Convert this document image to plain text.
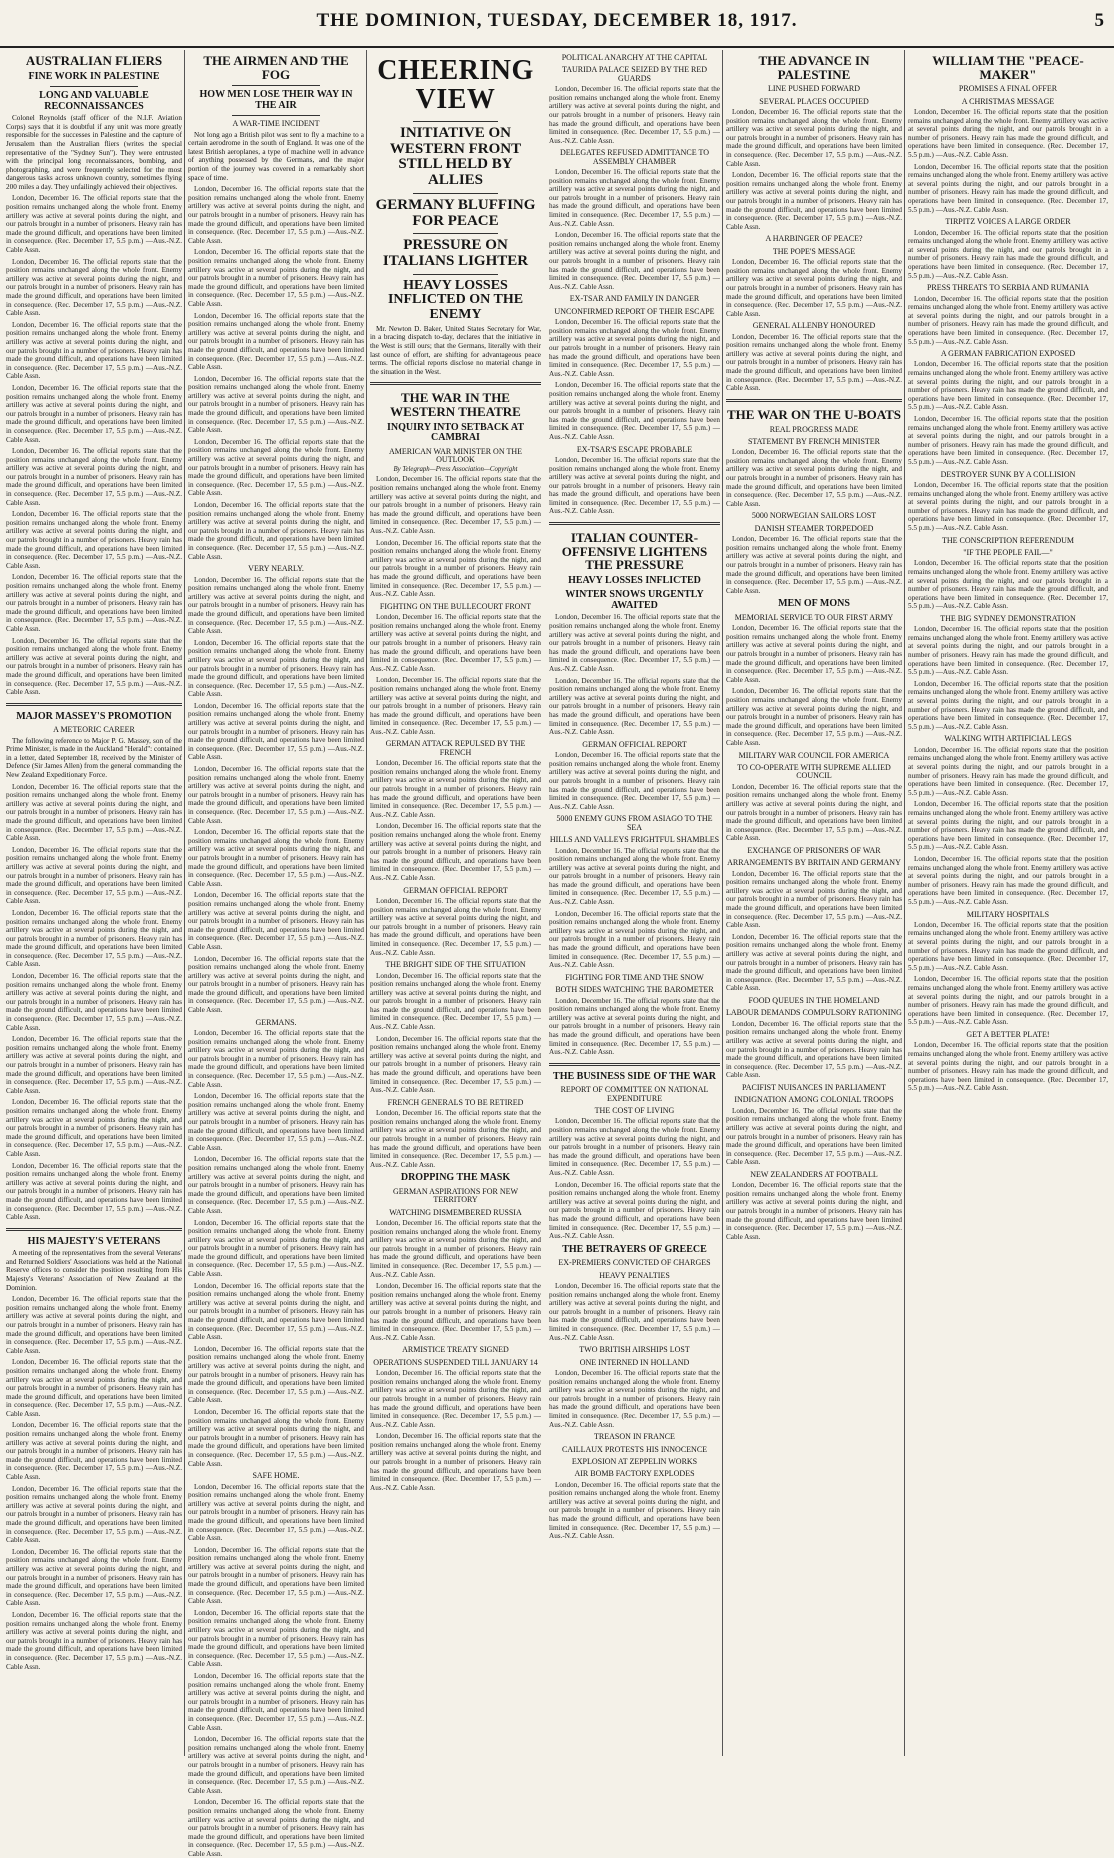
THE DOMINION, TUESDAY, DECEMBER 18, 1917.	5
AUSTRALIAN FLIERS
FINE WORK IN PALESTINE
LONG AND VALUABLE RECONNAISSANCES

Colonel Reynolds (staff officer of the N.I.F. Aviation Corps) says that it is doubtful if any unit was more greatly responsible for the successes in Palestine and the capture of Jerusalem than the Australian fliers (writes the special representative of the "Sydney Sun"). They were entrusted with the principal long reconnaissances, bombing, and photographing, and were frequently selected for the most dangerous tasks across unknown country, sometimes flying 200 miles a day. They unfailingly achieved their objectives.

London, December 16. The official reports state that the position remains unchanged along the whole front. Enemy artillery was active at several points during the night, and our patrols brought in a number of prisoners. Heavy rain has made the ground difficult, and operations have been limited in consequence. (Rec. December 17, 5.5 p.m.) —Aus.-N.Z. Cable Assn.

London, December 16. The official reports state that the position remains unchanged along the whole front. Enemy artillery was active at several points during the night, and our patrols brought in a number of prisoners. Heavy rain has made the ground difficult, and operations have been limited in consequence. (Rec. December 17, 5.5 p.m.) —Aus.-N.Z. Cable Assn.

London, December 16. The official reports state that the position remains unchanged along the whole front. Enemy artillery was active at several points during the night, and our patrols brought in a number of prisoners. Heavy rain has made the ground difficult, and operations have been limited in consequence. (Rec. December 17, 5.5 p.m.) —Aus.-N.Z. Cable Assn.

London, December 16. The official reports state that the position remains unchanged along the whole front. Enemy artillery was active at several points during the night, and our patrols brought in a number of prisoners. Heavy rain has made the ground difficult, and operations have been limited in consequence. (Rec. December 17, 5.5 p.m.) —Aus.-N.Z. Cable Assn.

London, December 16. The official reports state that the position remains unchanged along the whole front. Enemy artillery was active at several points during the night, and our patrols brought in a number of prisoners. Heavy rain has made the ground difficult, and operations have been limited in consequence. (Rec. December 17, 5.5 p.m.) —Aus.-N.Z. Cable Assn.

London, December 16. The official reports state that the position remains unchanged along the whole front. Enemy artillery was active at several points during the night, and our patrols brought in a number of prisoners. Heavy rain has made the ground difficult, and operations have been limited in consequence. (Rec. December 17, 5.5 p.m.) —Aus.-N.Z. Cable Assn.

London, December 16. The official reports state that the position remains unchanged along the whole front. Enemy artillery was active at several points during the night, and our patrols brought in a number of prisoners. Heavy rain has made the ground difficult, and operations have been limited in consequence. (Rec. December 17, 5.5 p.m.) —Aus.-N.Z. Cable Assn.

London, December 16. The official reports state that the position remains unchanged along the whole front. Enemy artillery was active at several points during the night, and our patrols brought in a number of prisoners. Heavy rain has made the ground difficult, and operations have been limited in consequence. (Rec. December 17, 5.5 p.m.) —Aus.-N.Z. Cable Assn.

MAJOR MASSEY'S PROMOTION
A METEORIC CAREER

The following reference to Major P. G. Massey, son of the Prime Minister, is made in the Auckland "Herald": contained in a letter, dated September 18, received by the Minister of Defence (Sir James Allen) from the general commanding the New Zealand Expeditionary Force.

London, December 16. The official reports state that the position remains unchanged along the whole front. Enemy artillery was active at several points during the night, and our patrols brought in a number of prisoners. Heavy rain has made the ground difficult, and operations have been limited in consequence. (Rec. December 17, 5.5 p.m.) —Aus.-N.Z. Cable Assn.

London, December 16. The official reports state that the position remains unchanged along the whole front. Enemy artillery was active at several points during the night, and our patrols brought in a number of prisoners. Heavy rain has made the ground difficult, and operations have been limited in consequence. (Rec. December 17, 5.5 p.m.) —Aus.-N.Z. Cable Assn.

London, December 16. The official reports state that the position remains unchanged along the whole front. Enemy artillery was active at several points during the night, and our patrols brought in a number of prisoners. Heavy rain has made the ground difficult, and operations have been limited in consequence. (Rec. December 17, 5.5 p.m.) —Aus.-N.Z. Cable Assn.

London, December 16. The official reports state that the position remains unchanged along the whole front. Enemy artillery was active at several points during the night, and our patrols brought in a number of prisoners. Heavy rain has made the ground difficult, and operations have been limited in consequence. (Rec. December 17, 5.5 p.m.) —Aus.-N.Z. Cable Assn.

London, December 16. The official reports state that the position remains unchanged along the whole front. Enemy artillery was active at several points during the night, and our patrols brought in a number of prisoners. Heavy rain has made the ground difficult, and operations have been limited in consequence. (Rec. December 17, 5.5 p.m.) —Aus.-N.Z. Cable Assn.

London, December 16. The official reports state that the position remains unchanged along the whole front. Enemy artillery was active at several points during the night, and our patrols brought in a number of prisoners. Heavy rain has made the ground difficult, and operations have been limited in consequence. (Rec. December 17, 5.5 p.m.) —Aus.-N.Z. Cable Assn.

London, December 16. The official reports state that the position remains unchanged along the whole front. Enemy artillery was active at several points during the night, and our patrols brought in a number of prisoners. Heavy rain has made the ground difficult, and operations have been limited in consequence. (Rec. December 17, 5.5 p.m.) —Aus.-N.Z. Cable Assn.

HIS MAJESTY'S VETERANS

A meeting of the representatives from the several Veterans' and Returned Soldiers' Associations was held at the National Reserve offices to consider the position resulting from His Majesty's Veterans' Association of New Zealand at the Dominion.

London, December 16. The official reports state that the position remains unchanged along the whole front. Enemy artillery was active at several points during the night, and our patrols brought in a number of prisoners. Heavy rain has made the ground difficult, and operations have been limited in consequence. (Rec. December 17, 5.5 p.m.) —Aus.-N.Z. Cable Assn.

London, December 16. The official reports state that the position remains unchanged along the whole front. Enemy artillery was active at several points during the night, and our patrols brought in a number of prisoners. Heavy rain has made the ground difficult, and operations have been limited in consequence. (Rec. December 17, 5.5 p.m.) —Aus.-N.Z. Cable Assn.

London, December 16. The official reports state that the position remains unchanged along the whole front. Enemy artillery was active at several points during the night, and our patrols brought in a number of prisoners. Heavy rain has made the ground difficult, and operations have been limited in consequence. (Rec. December 17, 5.5 p.m.) —Aus.-N.Z. Cable Assn.

London, December 16. The official reports state that the position remains unchanged along the whole front. Enemy artillery was active at several points during the night, and our patrols brought in a number of prisoners. Heavy rain has made the ground difficult, and operations have been limited in consequence. (Rec. December 17, 5.5 p.m.) —Aus.-N.Z. Cable Assn.

London, December 16. The official reports state that the position remains unchanged along the whole front. Enemy artillery was active at several points during the night, and our patrols brought in a number of prisoners. Heavy rain has made the ground difficult, and operations have been limited in consequence. (Rec. December 17, 5.5 p.m.) —Aus.-N.Z. Cable Assn.

London, December 16. The official reports state that the position remains unchanged along the whole front. Enemy artillery was active at several points during the night, and our patrols brought in a number of prisoners. Heavy rain has made the ground difficult, and operations have been limited in consequence. (Rec. December 17, 5.5 p.m.) —Aus.-N.Z. Cable Assn.

THE AIRMEN AND THE FOG
HOW MEN LOSE THEIR WAY IN THE AIR
A WAR-TIME INCIDENT

Not long ago a British pilot was sent to fly a machine to a certain aerodrome in the south of England. It was one of the latest British aeroplanes, a type of machine well in advance of anything possessed by the Germans, and the major portion of the journey was covered in a remarkably short space of time.

London, December 16. The official reports state that the position remains unchanged along the whole front. Enemy artillery was active at several points during the night, and our patrols brought in a number of prisoners. Heavy rain has made the ground difficult, and operations have been limited in consequence. (Rec. December 17, 5.5 p.m.) —Aus.-N.Z. Cable Assn.

London, December 16. The official reports state that the position remains unchanged along the whole front. Enemy artillery was active at several points during the night, and our patrols brought in a number of prisoners. Heavy rain has made the ground difficult, and operations have been limited in consequence. (Rec. December 17, 5.5 p.m.) —Aus.-N.Z. Cable Assn.

London, December 16. The official reports state that the position remains unchanged along the whole front. Enemy artillery was active at several points during the night, and our patrols brought in a number of prisoners. Heavy rain has made the ground difficult, and operations have been limited in consequence. (Rec. December 17, 5.5 p.m.) —Aus.-N.Z. Cable Assn.

London, December 16. The official reports state that the position remains unchanged along the whole front. Enemy artillery was active at several points during the night, and our patrols brought in a number of prisoners. Heavy rain has made the ground difficult, and operations have been limited in consequence. (Rec. December 17, 5.5 p.m.) —Aus.-N.Z. Cable Assn.

London, December 16. The official reports state that the position remains unchanged along the whole front. Enemy artillery was active at several points during the night, and our patrols brought in a number of prisoners. Heavy rain has made the ground difficult, and operations have been limited in consequence. (Rec. December 17, 5.5 p.m.) —Aus.-N.Z. Cable Assn.

London, December 16. The official reports state that the position remains unchanged along the whole front. Enemy artillery was active at several points during the night, and our patrols brought in a number of prisoners. Heavy rain has made the ground difficult, and operations have been limited in consequence. (Rec. December 17, 5.5 p.m.) —Aus.-N.Z. Cable Assn.

VERY NEARLY.

London, December 16. The official reports state that the position remains unchanged along the whole front. Enemy artillery was active at several points during the night, and our patrols brought in a number of prisoners. Heavy rain has made the ground difficult, and operations have been limited in consequence. (Rec. December 17, 5.5 p.m.) —Aus.-N.Z. Cable Assn.

London, December 16. The official reports state that the position remains unchanged along the whole front. Enemy artillery was active at several points during the night, and our patrols brought in a number of prisoners. Heavy rain has made the ground difficult, and operations have been limited in consequence. (Rec. December 17, 5.5 p.m.) —Aus.-N.Z. Cable Assn.

London, December 16. The official reports state that the position remains unchanged along the whole front. Enemy artillery was active at several points during the night, and our patrols brought in a number of prisoners. Heavy rain has made the ground difficult, and operations have been limited in consequence. (Rec. December 17, 5.5 p.m.) —Aus.-N.Z. Cable Assn.

London, December 16. The official reports state that the position remains unchanged along the whole front. Enemy artillery was active at several points during the night, and our patrols brought in a number of prisoners. Heavy rain has made the ground difficult, and operations have been limited in consequence. (Rec. December 17, 5.5 p.m.) —Aus.-N.Z. Cable Assn.

London, December 16. The official reports state that the position remains unchanged along the whole front. Enemy artillery was active at several points during the night, and our patrols brought in a number of prisoners. Heavy rain has made the ground difficult, and operations have been limited in consequence. (Rec. December 17, 5.5 p.m.) —Aus.-N.Z. Cable Assn.

London, December 16. The official reports state that the position remains unchanged along the whole front. Enemy artillery was active at several points during the night, and our patrols brought in a number of prisoners. Heavy rain has made the ground difficult, and operations have been limited in consequence. (Rec. December 17, 5.5 p.m.) —Aus.-N.Z. Cable Assn.

London, December 16. The official reports state that the position remains unchanged along the whole front. Enemy artillery was active at several points during the night, and our patrols brought in a number of prisoners. Heavy rain has made the ground difficult, and operations have been limited in consequence. (Rec. December 17, 5.5 p.m.) —Aus.-N.Z. Cable Assn.

GERMANS.

London, December 16. The official reports state that the position remains unchanged along the whole front. Enemy artillery was active at several points during the night, and our patrols brought in a number of prisoners. Heavy rain has made the ground difficult, and operations have been limited in consequence. (Rec. December 17, 5.5 p.m.) —Aus.-N.Z. Cable Assn.

London, December 16. The official reports state that the position remains unchanged along the whole front. Enemy artillery was active at several points during the night, and our patrols brought in a number of prisoners. Heavy rain has made the ground difficult, and operations have been limited in consequence. (Rec. December 17, 5.5 p.m.) —Aus.-N.Z. Cable Assn.

London, December 16. The official reports state that the position remains unchanged along the whole front. Enemy artillery was active at several points during the night, and our patrols brought in a number of prisoners. Heavy rain has made the ground difficult, and operations have been limited in consequence. (Rec. December 17, 5.5 p.m.) —Aus.-N.Z. Cable Assn.

London, December 16. The official reports state that the position remains unchanged along the whole front. Enemy artillery was active at several points during the night, and our patrols brought in a number of prisoners. Heavy rain has made the ground difficult, and operations have been limited in consequence. (Rec. December 17, 5.5 p.m.) —Aus.-N.Z. Cable Assn.

London, December 16. The official reports state that the position remains unchanged along the whole front. Enemy artillery was active at several points during the night, and our patrols brought in a number of prisoners. Heavy rain has made the ground difficult, and operations have been limited in consequence. (Rec. December 17, 5.5 p.m.) —Aus.-N.Z. Cable Assn.

London, December 16. The official reports state that the position remains unchanged along the whole front. Enemy artillery was active at several points during the night, and our patrols brought in a number of prisoners. Heavy rain has made the ground difficult, and operations have been limited in consequence. (Rec. December 17, 5.5 p.m.) —Aus.-N.Z. Cable Assn.

London, December 16. The official reports state that the position remains unchanged along the whole front. Enemy artillery was active at several points during the night, and our patrols brought in a number of prisoners. Heavy rain has made the ground difficult, and operations have been limited in consequence. (Rec. December 17, 5.5 p.m.) —Aus.-N.Z. Cable Assn.

SAFE HOME.

London, December 16. The official reports state that the position remains unchanged along the whole front. Enemy artillery was active at several points during the night, and our patrols brought in a number of prisoners. Heavy rain has made the ground difficult, and operations have been limited in consequence. (Rec. December 17, 5.5 p.m.) —Aus.-N.Z. Cable Assn.

London, December 16. The official reports state that the position remains unchanged along the whole front. Enemy artillery was active at several points during the night, and our patrols brought in a number of prisoners. Heavy rain has made the ground difficult, and operations have been limited in consequence. (Rec. December 17, 5.5 p.m.) —Aus.-N.Z. Cable Assn.

London, December 16. The official reports state that the position remains unchanged along the whole front. Enemy artillery was active at several points during the night, and our patrols brought in a number of prisoners. Heavy rain has made the ground difficult, and operations have been limited in consequence. (Rec. December 17, 5.5 p.m.) —Aus.-N.Z. Cable Assn.

London, December 16. The official reports state that the position remains unchanged along the whole front. Enemy artillery was active at several points during the night, and our patrols brought in a number of prisoners. Heavy rain has made the ground difficult, and operations have been limited in consequence. (Rec. December 17, 5.5 p.m.) —Aus.-N.Z. Cable Assn.

London, December 16. The official reports state that the position remains unchanged along the whole front. Enemy artillery was active at several points during the night, and our patrols brought in a number of prisoners. Heavy rain has made the ground difficult, and operations have been limited in consequence. (Rec. December 17, 5.5 p.m.) —Aus.-N.Z. Cable Assn.

London, December 16. The official reports state that the position remains unchanged along the whole front. Enemy artillery was active at several points during the night, and our patrols brought in a number of prisoners. Heavy rain has made the ground difficult, and operations have been limited in consequence. (Rec. December 17, 5.5 p.m.) —Aus.-N.Z. Cable Assn.

CHEERING VIEW
INITIATIVE ON WESTERN FRONT STILL HELD BY ALLIES
GERMANY BLUFFING FOR PEACE
PRESSURE ON ITALIANS LIGHTER
HEAVY LOSSES INFLICTED ON THE ENEMY

Mr. Newton D. Baker, United States Secretary for War, in a bracing dispatch to-day, declares that the initiative in the West is still ours; that the Germans, literally with their last ounce of effort, are shifting for advantageous peace terms. The official reports disclose no material change in the situation in the West.

THE WAR IN THE WESTERN THEATRE
INQUIRY INTO SETBACK AT CAMBRAI
AMERICAN WAR MINISTER ON THE OUTLOOK
By Telegraph—Press Association—Copyright

London, December 16. The official reports state that the position remains unchanged along the whole front. Enemy artillery was active at several points during the night, and our patrols brought in a number of prisoners. Heavy rain has made the ground difficult, and operations have been limited in consequence. (Rec. December 17, 5.5 p.m.) —Aus.-N.Z. Cable Assn.

London, December 16. The official reports state that the position remains unchanged along the whole front. Enemy artillery was active at several points during the night, and our patrols brought in a number of prisoners. Heavy rain has made the ground difficult, and operations have been limited in consequence. (Rec. December 17, 5.5 p.m.) —Aus.-N.Z. Cable Assn.

FIGHTING ON THE BULLECOURT FRONT

London, December 16. The official reports state that the position remains unchanged along the whole front. Enemy artillery was active at several points during the night, and our patrols brought in a number of prisoners. Heavy rain has made the ground difficult, and operations have been limited in consequence. (Rec. December 17, 5.5 p.m.) —Aus.-N.Z. Cable Assn.

London, December 16. The official reports state that the position remains unchanged along the whole front. Enemy artillery was active at several points during the night, and our patrols brought in a number of prisoners. Heavy rain has made the ground difficult, and operations have been limited in consequence. (Rec. December 17, 5.5 p.m.) —Aus.-N.Z. Cable Assn.

GERMAN ATTACK REPULSED BY THE FRENCH

London, December 16. The official reports state that the position remains unchanged along the whole front. Enemy artillery was active at several points during the night, and our patrols brought in a number of prisoners. Heavy rain has made the ground difficult, and operations have been limited in consequence. (Rec. December 17, 5.5 p.m.) —Aus.-N.Z. Cable Assn.

London, December 16. The official reports state that the position remains unchanged along the whole front. Enemy artillery was active at several points during the night, and our patrols brought in a number of prisoners. Heavy rain has made the ground difficult, and operations have been limited in consequence. (Rec. December 17, 5.5 p.m.) —Aus.-N.Z. Cable Assn.

GERMAN OFFICIAL REPORT

London, December 16. The official reports state that the position remains unchanged along the whole front. Enemy artillery was active at several points during the night, and our patrols brought in a number of prisoners. Heavy rain has made the ground difficult, and operations have been limited in consequence. (Rec. December 17, 5.5 p.m.) —Aus.-N.Z. Cable Assn.

THE BRIGHT SIDE OF THE SITUATION

London, December 16. The official reports state that the position remains unchanged along the whole front. Enemy artillery was active at several points during the night, and our patrols brought in a number of prisoners. Heavy rain has made the ground difficult, and operations have been limited in consequence. (Rec. December 17, 5.5 p.m.) —Aus.-N.Z. Cable Assn.

London, December 16. The official reports state that the position remains unchanged along the whole front. Enemy artillery was active at several points during the night, and our patrols brought in a number of prisoners. Heavy rain has made the ground difficult, and operations have been limited in consequence. (Rec. December 17, 5.5 p.m.) —Aus.-N.Z. Cable Assn.

FRENCH GENERALS TO BE RETIRED

London, December 16. The official reports state that the position remains unchanged along the whole front. Enemy artillery was active at several points during the night, and our patrols brought in a number of prisoners. Heavy rain has made the ground difficult, and operations have been limited in consequence. (Rec. December 17, 5.5 p.m.) —Aus.-N.Z. Cable Assn.

DROPPING THE MASK
GERMAN ASPIRATIONS FOR NEW TERRITORY
WATCHING DISMEMBERED RUSSIA

London, December 16. The official reports state that the position remains unchanged along the whole front. Enemy artillery was active at several points during the night, and our patrols brought in a number of prisoners. Heavy rain has made the ground difficult, and operations have been limited in consequence. (Rec. December 17, 5.5 p.m.) —Aus.-N.Z. Cable Assn.

London, December 16. The official reports state that the position remains unchanged along the whole front. Enemy artillery was active at several points during the night, and our patrols brought in a number of prisoners. Heavy rain has made the ground difficult, and operations have been limited in consequence. (Rec. December 17, 5.5 p.m.) —Aus.-N.Z. Cable Assn.

ARMISTICE TREATY SIGNED
OPERATIONS SUSPENDED TILL JANUARY 14

London, December 16. The official reports state that the position remains unchanged along the whole front. Enemy artillery was active at several points during the night, and our patrols brought in a number of prisoners. Heavy rain has made the ground difficult, and operations have been limited in consequence. (Rec. December 17, 5.5 p.m.) —Aus.-N.Z. Cable Assn.

London, December 16. The official reports state that the position remains unchanged along the whole front. Enemy artillery was active at several points during the night, and our patrols brought in a number of prisoners. Heavy rain has made the ground difficult, and operations have been limited in consequence. (Rec. December 17, 5.5 p.m.) —Aus.-N.Z. Cable Assn.

POLITICAL ANARCHY AT THE CAPITAL
TAURIDA PALACE SEIZED BY THE RED GUARDS

London, December 16. The official reports state that the position remains unchanged along the whole front. Enemy artillery was active at several points during the night, and our patrols brought in a number of prisoners. Heavy rain has made the ground difficult, and operations have been limited in consequence. (Rec. December 17, 5.5 p.m.) —Aus.-N.Z. Cable Assn.

DELEGATES REFUSED ADMITTANCE TO ASSEMBLY CHAMBER

London, December 16. The official reports state that the position remains unchanged along the whole front. Enemy artillery was active at several points during the night, and our patrols brought in a number of prisoners. Heavy rain has made the ground difficult, and operations have been limited in consequence. (Rec. December 17, 5.5 p.m.) —Aus.-N.Z. Cable Assn.

London, December 16. The official reports state that the position remains unchanged along the whole front. Enemy artillery was active at several points during the night, and our patrols brought in a number of prisoners. Heavy rain has made the ground difficult, and operations have been limited in consequence. (Rec. December 17, 5.5 p.m.) —Aus.-N.Z. Cable Assn.

EX-TSAR AND FAMILY IN DANGER
UNCONFIRMED REPORT OF THEIR ESCAPE

London, December 16. The official reports state that the position remains unchanged along the whole front. Enemy artillery was active at several points during the night, and our patrols brought in a number of prisoners. Heavy rain has made the ground difficult, and operations have been limited in consequence. (Rec. December 17, 5.5 p.m.) —Aus.-N.Z. Cable Assn.

London, December 16. The official reports state that the position remains unchanged along the whole front. Enemy artillery was active at several points during the night, and our patrols brought in a number of prisoners. Heavy rain has made the ground difficult, and operations have been limited in consequence. (Rec. December 17, 5.5 p.m.) —Aus.-N.Z. Cable Assn.

EX-TSAR'S ESCAPE PROBABLE

London, December 16. The official reports state that the position remains unchanged along the whole front. Enemy artillery was active at several points during the night, and our patrols brought in a number of prisoners. Heavy rain has made the ground difficult, and operations have been limited in consequence. (Rec. December 17, 5.5 p.m.) —Aus.-N.Z. Cable Assn.

ITALIAN COUNTER-OFFENSIVE LIGHTENS THE PRESSURE
HEAVY LOSSES INFLICTED
WINTER SNOWS URGENTLY AWAITED

London, December 16. The official reports state that the position remains unchanged along the whole front. Enemy artillery was active at several points during the night, and our patrols brought in a number of prisoners. Heavy rain has made the ground difficult, and operations have been limited in consequence. (Rec. December 17, 5.5 p.m.) —Aus.-N.Z. Cable Assn.

London, December 16. The official reports state that the position remains unchanged along the whole front. Enemy artillery was active at several points during the night, and our patrols brought in a number of prisoners. Heavy rain has made the ground difficult, and operations have been limited in consequence. (Rec. December 17, 5.5 p.m.) —Aus.-N.Z. Cable Assn.

GERMAN OFFICIAL REPORT

London, December 16. The official reports state that the position remains unchanged along the whole front. Enemy artillery was active at several points during the night, and our patrols brought in a number of prisoners. Heavy rain has made the ground difficult, and operations have been limited in consequence. (Rec. December 17, 5.5 p.m.) —Aus.-N.Z. Cable Assn.

5000 ENEMY GUNS FROM ASIAGO TO THE SEA
HILLS AND VALLEYS FRIGHTFUL SHAMBLES

London, December 16. The official reports state that the position remains unchanged along the whole front. Enemy artillery was active at several points during the night, and our patrols brought in a number of prisoners. Heavy rain has made the ground difficult, and operations have been limited in consequence. (Rec. December 17, 5.5 p.m.) —Aus.-N.Z. Cable Assn.

London, December 16. The official reports state that the position remains unchanged along the whole front. Enemy artillery was active at several points during the night, and our patrols brought in a number of prisoners. Heavy rain has made the ground difficult, and operations have been limited in consequence. (Rec. December 17, 5.5 p.m.) —Aus.-N.Z. Cable Assn.

FIGHTING FOR TIME AND THE SNOW
BOTH SIDES WATCHING THE BAROMETER

London, December 16. The official reports state that the position remains unchanged along the whole front. Enemy artillery was active at several points during the night, and our patrols brought in a number of prisoners. Heavy rain has made the ground difficult, and operations have been limited in consequence. (Rec. December 17, 5.5 p.m.) —Aus.-N.Z. Cable Assn.

THE BUSINESS SIDE OF THE WAR
REPORT OF COMMITTEE ON NATIONAL EXPENDITURE
THE COST OF LIVING

London, December 16. The official reports state that the position remains unchanged along the whole front. Enemy artillery was active at several points during the night, and our patrols brought in a number of prisoners. Heavy rain has made the ground difficult, and operations have been limited in consequence. (Rec. December 17, 5.5 p.m.) —Aus.-N.Z. Cable Assn.

London, December 16. The official reports state that the position remains unchanged along the whole front. Enemy artillery was active at several points during the night, and our patrols brought in a number of prisoners. Heavy rain has made the ground difficult, and operations have been limited in consequence. (Rec. December 17, 5.5 p.m.) —Aus.-N.Z. Cable Assn.

THE BETRAYERS OF GREECE
EX-PREMIERS CONVICTED OF CHARGES
HEAVY PENALTIES

London, December 16. The official reports state that the position remains unchanged along the whole front. Enemy artillery was active at several points during the night, and our patrols brought in a number of prisoners. Heavy rain has made the ground difficult, and operations have been limited in consequence. (Rec. December 17, 5.5 p.m.) —Aus.-N.Z. Cable Assn.

TWO BRITISH AIRSHIPS LOST
ONE INTERNED IN HOLLAND

London, December 16. The official reports state that the position remains unchanged along the whole front. Enemy artillery was active at several points during the night, and our patrols brought in a number of prisoners. Heavy rain has made the ground difficult, and operations have been limited in consequence. (Rec. December 17, 5.5 p.m.) —Aus.-N.Z. Cable Assn.

TREASON IN FRANCE
CAILLAUX PROTESTS HIS INNOCENCE
EXPLOSION AT ZEPPELIN WORKS
AIR BOMB FACTORY EXPLODES

London, December 16. The official reports state that the position remains unchanged along the whole front. Enemy artillery was active at several points during the night, and our patrols brought in a number of prisoners. Heavy rain has made the ground difficult, and operations have been limited in consequence. (Rec. December 17, 5.5 p.m.) —Aus.-N.Z. Cable Assn.

THE ADVANCE IN PALESTINE
LINE PUSHED FORWARD
SEVERAL PLACES OCCUPIED

London, December 16. The official reports state that the position remains unchanged along the whole front. Enemy artillery was active at several points during the night, and our patrols brought in a number of prisoners. Heavy rain has made the ground difficult, and operations have been limited in consequence. (Rec. December 17, 5.5 p.m.) —Aus.-N.Z. Cable Assn.

London, December 16. The official reports state that the position remains unchanged along the whole front. Enemy artillery was active at several points during the night, and our patrols brought in a number of prisoners. Heavy rain has made the ground difficult, and operations have been limited in consequence. (Rec. December 17, 5.5 p.m.) —Aus.-N.Z. Cable Assn.

A HARBINGER OF PEACE?
THE POPE'S MESSAGE

London, December 16. The official reports state that the position remains unchanged along the whole front. Enemy artillery was active at several points during the night, and our patrols brought in a number of prisoners. Heavy rain has made the ground difficult, and operations have been limited in consequence. (Rec. December 17, 5.5 p.m.) —Aus.-N.Z. Cable Assn.

GENERAL ALLENBY HONOURED

London, December 16. The official reports state that the position remains unchanged along the whole front. Enemy artillery was active at several points during the night, and our patrols brought in a number of prisoners. Heavy rain has made the ground difficult, and operations have been limited in consequence. (Rec. December 17, 5.5 p.m.) —Aus.-N.Z. Cable Assn.

THE WAR ON THE U-BOATS
REAL PROGRESS MADE
STATEMENT BY FRENCH MINISTER

London, December 16. The official reports state that the position remains unchanged along the whole front. Enemy artillery was active at several points during the night, and our patrols brought in a number of prisoners. Heavy rain has made the ground difficult, and operations have been limited in consequence. (Rec. December 17, 5.5 p.m.) —Aus.-N.Z. Cable Assn.

5000 NORWEGIAN SAILORS LOST
DANISH STEAMER TORPEDOED

London, December 16. The official reports state that the position remains unchanged along the whole front. Enemy artillery was active at several points during the night, and our patrols brought in a number of prisoners. Heavy rain has made the ground difficult, and operations have been limited in consequence. (Rec. December 17, 5.5 p.m.) —Aus.-N.Z. Cable Assn.

MEN OF MONS
MEMORIAL SERVICE TO OUR FIRST ARMY

London, December 16. The official reports state that the position remains unchanged along the whole front. Enemy artillery was active at several points during the night, and our patrols brought in a number of prisoners. Heavy rain has made the ground difficult, and operations have been limited in consequence. (Rec. December 17, 5.5 p.m.) —Aus.-N.Z. Cable Assn.

London, December 16. The official reports state that the position remains unchanged along the whole front. Enemy artillery was active at several points during the night, and our patrols brought in a number of prisoners. Heavy rain has made the ground difficult, and operations have been limited in consequence. (Rec. December 17, 5.5 p.m.) —Aus.-N.Z. Cable Assn.

MILITARY WAR COUNCIL FOR AMERICA
TO CO-OPERATE WITH SUPREME ALLIED COUNCIL

London, December 16. The official reports state that the position remains unchanged along the whole front. Enemy artillery was active at several points during the night, and our patrols brought in a number of prisoners. Heavy rain has made the ground difficult, and operations have been limited in consequence. (Rec. December 17, 5.5 p.m.) —Aus.-N.Z. Cable Assn.

EXCHANGE OF PRISONERS OF WAR
ARRANGEMENTS BY BRITAIN AND GERMANY

London, December 16. The official reports state that the position remains unchanged along the whole front. Enemy artillery was active at several points during the night, and our patrols brought in a number of prisoners. Heavy rain has made the ground difficult, and operations have been limited in consequence. (Rec. December 17, 5.5 p.m.) —Aus.-N.Z. Cable Assn.

London, December 16. The official reports state that the position remains unchanged along the whole front. Enemy artillery was active at several points during the night, and our patrols brought in a number of prisoners. Heavy rain has made the ground difficult, and operations have been limited in consequence. (Rec. December 17, 5.5 p.m.) —Aus.-N.Z. Cable Assn.

FOOD QUEUES IN THE HOMELAND
LABOUR DEMANDS COMPULSORY RATIONING

London, December 16. The official reports state that the position remains unchanged along the whole front. Enemy artillery was active at several points during the night, and our patrols brought in a number of prisoners. Heavy rain has made the ground difficult, and operations have been limited in consequence. (Rec. December 17, 5.5 p.m.) —Aus.-N.Z. Cable Assn.

PACIFIST NUISANCES IN PARLIAMENT
INDIGNATION AMONG COLONIAL TROOPS

London, December 16. The official reports state that the position remains unchanged along the whole front. Enemy artillery was active at several points during the night, and our patrols brought in a number of prisoners. Heavy rain has made the ground difficult, and operations have been limited in consequence. (Rec. December 17, 5.5 p.m.) —Aus.-N.Z. Cable Assn.

NEW ZEALANDERS AT FOOTBALL

London, December 16. The official reports state that the position remains unchanged along the whole front. Enemy artillery was active at several points during the night, and our patrols brought in a number of prisoners. Heavy rain has made the ground difficult, and operations have been limited in consequence. (Rec. December 17, 5.5 p.m.) —Aus.-N.Z. Cable Assn.

WILLIAM THE "PEACE-MAKER"
PROMISES A FINAL OFFER
A CHRISTMAS MESSAGE

London, December 16. The official reports state that the position remains unchanged along the whole front. Enemy artillery was active at several points during the night, and our patrols brought in a number of prisoners. Heavy rain has made the ground difficult, and operations have been limited in consequence. (Rec. December 17, 5.5 p.m.) —Aus.-N.Z. Cable Assn.

London, December 16. The official reports state that the position remains unchanged along the whole front. Enemy artillery was active at several points during the night, and our patrols brought in a number of prisoners. Heavy rain has made the ground difficult, and operations have been limited in consequence. (Rec. December 17, 5.5 p.m.) —Aus.-N.Z. Cable Assn.

TIRPITZ VOICES A LARGE ORDER

London, December 16. The official reports state that the position remains unchanged along the whole front. Enemy artillery was active at several points during the night, and our patrols brought in a number of prisoners. Heavy rain has made the ground difficult, and operations have been limited in consequence. (Rec. December 17, 5.5 p.m.) —Aus.-N.Z. Cable Assn.

PRESS THREATS TO SERBIA AND RUMANIA

London, December 16. The official reports state that the position remains unchanged along the whole front. Enemy artillery was active at several points during the night, and our patrols brought in a number of prisoners. Heavy rain has made the ground difficult, and operations have been limited in consequence. (Rec. December 17, 5.5 p.m.) —Aus.-N.Z. Cable Assn.

A GERMAN FABRICATION EXPOSED

London, December 16. The official reports state that the position remains unchanged along the whole front. Enemy artillery was active at several points during the night, and our patrols brought in a number of prisoners. Heavy rain has made the ground difficult, and operations have been limited in consequence. (Rec. December 17, 5.5 p.m.) —Aus.-N.Z. Cable Assn.

London, December 16. The official reports state that the position remains unchanged along the whole front. Enemy artillery was active at several points during the night, and our patrols brought in a number of prisoners. Heavy rain has made the ground difficult, and operations have been limited in consequence. (Rec. December 17, 5.5 p.m.) —Aus.-N.Z. Cable Assn.

DESTROYER SUNK BY A COLLISION

London, December 16. The official reports state that the position remains unchanged along the whole front. Enemy artillery was active at several points during the night, and our patrols brought in a number of prisoners. Heavy rain has made the ground difficult, and operations have been limited in consequence. (Rec. December 17, 5.5 p.m.) —Aus.-N.Z. Cable Assn.

THE CONSCRIPTION REFERENDUM
"IF THE PEOPLE FAIL—"

London, December 16. The official reports state that the position remains unchanged along the whole front. Enemy artillery was active at several points during the night, and our patrols brought in a number of prisoners. Heavy rain has made the ground difficult, and operations have been limited in consequence. (Rec. December 17, 5.5 p.m.) —Aus.-N.Z. Cable Assn.

THE BIG SYDNEY DEMONSTRATION

London, December 16. The official reports state that the position remains unchanged along the whole front. Enemy artillery was active at several points during the night, and our patrols brought in a number of prisoners. Heavy rain has made the ground difficult, and operations have been limited in consequence. (Rec. December 17, 5.5 p.m.) —Aus.-N.Z. Cable Assn.

London, December 16. The official reports state that the position remains unchanged along the whole front. Enemy artillery was active at several points during the night, and our patrols brought in a number of prisoners. Heavy rain has made the ground difficult, and operations have been limited in consequence. (Rec. December 17, 5.5 p.m.) —Aus.-N.Z. Cable Assn.

WALKING WITH ARTIFICIAL LEGS

London, December 16. The official reports state that the position remains unchanged along the whole front. Enemy artillery was active at several points during the night, and our patrols brought in a number of prisoners. Heavy rain has made the ground difficult, and operations have been limited in consequence. (Rec. December 17, 5.5 p.m.) —Aus.-N.Z. Cable Assn.

London, December 16. The official reports state that the position remains unchanged along the whole front. Enemy artillery was active at several points during the night, and our patrols brought in a number of prisoners. Heavy rain has made the ground difficult, and operations have been limited in consequence. (Rec. December 17, 5.5 p.m.) —Aus.-N.Z. Cable Assn.

London, December 16. The official reports state that the position remains unchanged along the whole front. Enemy artillery was active at several points during the night, and our patrols brought in a number of prisoners. Heavy rain has made the ground difficult, and operations have been limited in consequence. (Rec. December 17, 5.5 p.m.) —Aus.-N.Z. Cable Assn.

MILITARY HOSPITALS

London, December 16. The official reports state that the position remains unchanged along the whole front. Enemy artillery was active at several points during the night, and our patrols brought in a number of prisoners. Heavy rain has made the ground difficult, and operations have been limited in consequence. (Rec. December 17, 5.5 p.m.) —Aus.-N.Z. Cable Assn.

London, December 16. The official reports state that the position remains unchanged along the whole front. Enemy artillery was active at several points during the night, and our patrols brought in a number of prisoners. Heavy rain has made the ground difficult, and operations have been limited in consequence. (Rec. December 17, 5.5 p.m.) —Aus.-N.Z. Cable Assn.

GET A BETTER PLATE!

London, December 16. The official reports state that the position remains unchanged along the whole front. Enemy artillery was active at several points during the night, and our patrols brought in a number of prisoners. Heavy rain has made the ground difficult, and operations have been limited in consequence. (Rec. December 17, 5.5 p.m.) —Aus.-N.Z. Cable Assn.
